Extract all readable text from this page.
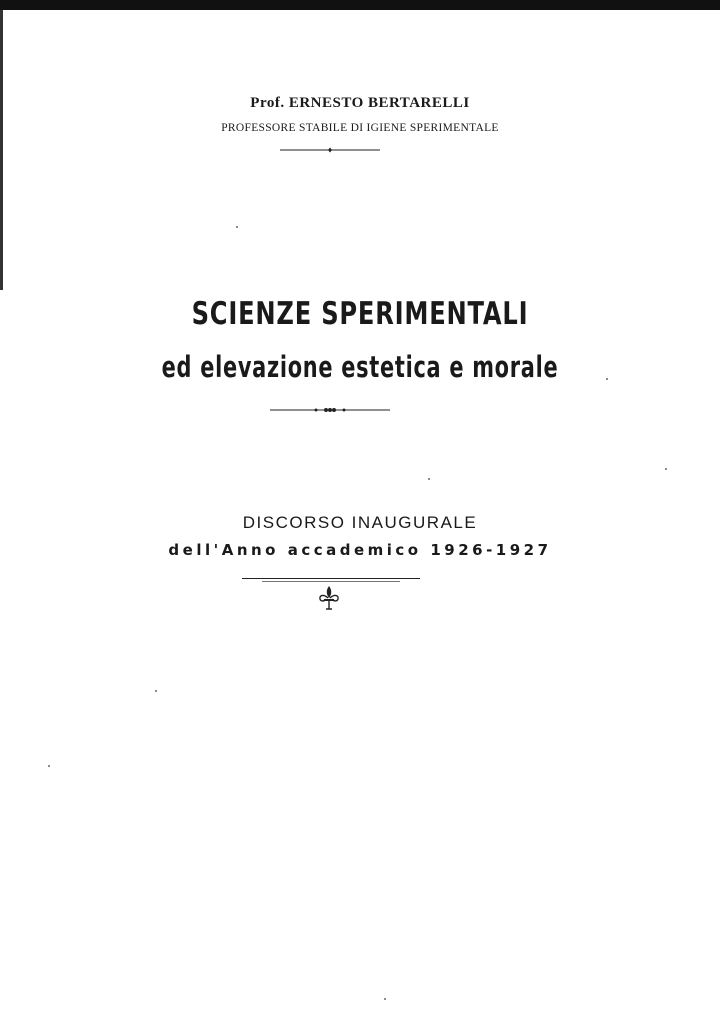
Prof. ERNESTO BERTARELLI
PROFESSORE STABILE DI IGIENE SPERIMENTALE
SCIENZE SPERIMENTALI
ed elevazione estetica e morale
DISCORSO INAUGURALE
dell'Anno accademico 1926-1927
